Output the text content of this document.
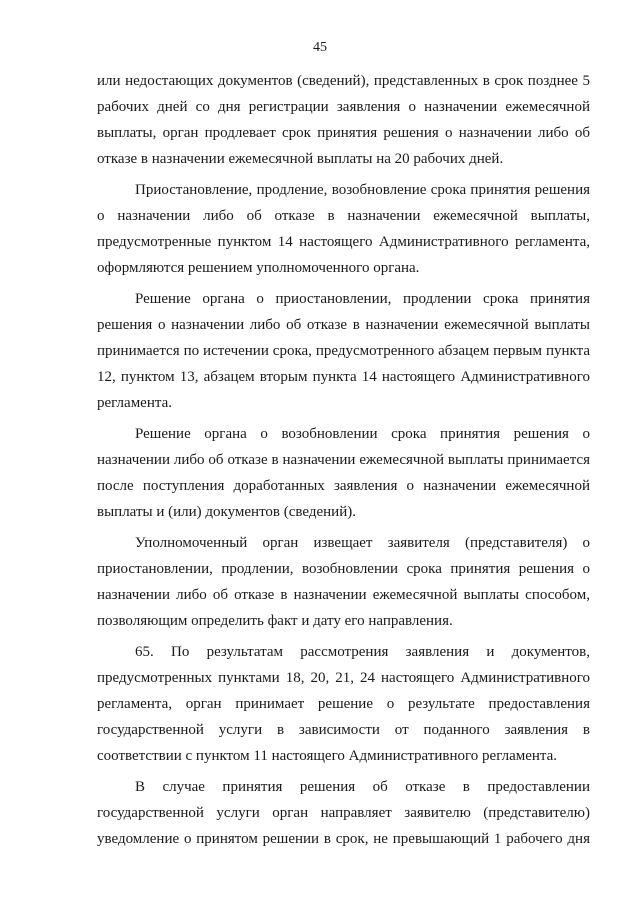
45
или недостающих документов (сведений), представленных в срок позднее 5
рабочих дней со дня регистрации заявления о назначении ежемесячной
выплаты, орган продлевает срок принятия решения о назначении либо об
отказе в назначении ежемесячной выплаты на 20 рабочих дней.
Приостановление, продление, возобновление срока принятия решения
о назначении либо об отказе в назначении ежемесячной выплаты,
предусмотренные пунктом 14 настоящего Административного регламента,
оформляются решением уполномоченного органа.
Решение органа о приостановлении, продлении срока принятия
решения о назначении либо об отказе в назначении ежемесячной выплаты
принимается по истечении срока, предусмотренного абзацем первым пункта
12, пунктом 13, абзацем вторым пункта 14 настоящего Административного
регламента.
Решение органа о возобновлении срока принятия решения о
назначении либо об отказе в назначении ежемесячной выплаты принимается
после поступления доработанных заявления о назначении ежемесячной
выплаты и (или) документов (сведений).
Уполномоченный орган извещает заявителя (представителя) о
приостановлении, продлении, возобновлении срока принятия решения о
назначении либо об отказе в назначении ежемесячной выплаты способом,
позволяющим определить факт и дату его направления.
65. По результатам рассмотрения заявления и документов,
предусмотренных пунктами 18, 20, 21, 24 настоящего Административного
регламента, орган принимает решение о результате предоставления
государственной услуги в зависимости от поданного заявления в
соответствии с пунктом 11 настоящего Административного регламента.
В случае принятия решения об отказе в предоставлении
государственной услуги орган направляет заявителю (представителю)
уведомление о принятом решении в срок, не превышающий 1 рабочего дня
